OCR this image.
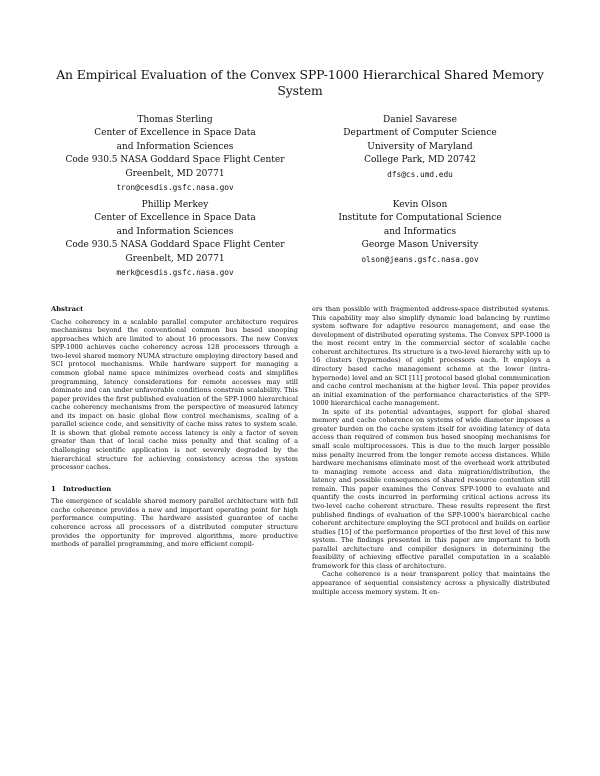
An Empirical Evaluation of the Convex SPP-1000 Hierarchical Shared Memory System
Thomas Sterling
Center of Excellence in Space Data
and Information Sciences
Code 930.5 NASA Goddard Space Flight Center
Greenbelt, MD 20771
tron@cesdis.gsfc.nasa.gov
Daniel Savarese
Department of Computer Science
University of Maryland
College Park, MD 20742
dfs@cs.umd.edu
Phillip Merkey
Center of Excellence in Space Data
and Information Sciences
Code 930.5 NASA Goddard Space Flight Center
Greenbelt, MD 20771
merk@cesdis.gsfc.nasa.gov
Kevin Olson
Institute for Computational Science
and Informatics
George Mason University
olson@jeans.gsfc.nasa.gov

Abstract

Cache coherency in a scalable parallel computer architecture requires mechanisms beyond the conventional common bus based snooping approaches which are limited to about 16 processors. The new Convex SPP-1000 achieves cache coherency across 128 processors through a two-level shared memory NUMA structure employing directory based and SCI protocol mechanisms. While hardware support for managing a common global name space minimizes overhead costs and simplifies programming, latency considerations for remote accesses may still dominate and can under unfavorable conditions constrain scalability. This paper provides the first published evaluation of the SPP-1000 hierarchical cache coherency mechanisms from the perspective of measured latency and its impact on basic global flow control mechanisms, scaling of a parallel science code, and sensitivity of cache miss rates to system scale. It is shown that global remote access latency is only a factor of seven greater than that of local cache miss penalty and that scaling of a challenging scientific application is not severely degraded by the hierarchical structure for achieving consistency across the system processor caches.

1 Introduction

The emergence of scalable shared memory parallel architecture with full cache coherence provides a new and important operating point for high performance computing. The hardware assisted guarantee of cache coherence across all processors of a distributed computer structure provides the opportunity for improved algorithms, more productive methods of parallel programming, and more efficient compil-

ers than possible with fragmented address-space distributed systems. This capability may also simplify dynamic load balancing by runtime system software for adaptive resource management, and ease the development of distributed operating systems. The Convex SPP-1000 is the most recent entry in the commercial sector of scalable cache coherent architectures. Its structure is a two-level hierarchy with up to 16 clusters (hypernodes) of eight processors each. It employs a directory based cache management scheme at the lower (intra-hypernode) level and an SCI [11] protocol based global communication and cache control mechanism at the higher level. This paper provides an initial examination of the performance characteristics of the SPP-1000 hierarchical cache management.

In spite of its potential advantages, support for global shared memory and cache coherence on systems of wide diameter imposes a greater burden on the cache system itself for avoiding latency of data access than required of common bus based snooping mechanisms for small scale multiprocessors. This is due to the much larger possible miss penalty incurred from the longer remote access distances. While hardware mechanisms eliminate most of the overhead work attributed to managing remote access and data migration/distribution, the latency and possible consequences of shared resource contention still remain. This paper examines the Convex SPP-1000 to evaluate and quantify the costs incurred in performing critical actions across its two-level cache coherent structure. These results represent the first published findings of evaluation of the SPP-1000's hierarchical cache coherent architecture employing the SCI protocol and builds on earlier studies [15] of the performance properties of the first level of this new system. The findings presented in this paper are important to both parallel architecture and compiler designers in determining the feasibility of achieving effective parallel computation in a scalable framework for this class of architecture.

Cache coherence is a near transparent policy that maintains the appearance of sequential consistency across a physically distributed multiple access memory system. It en-
